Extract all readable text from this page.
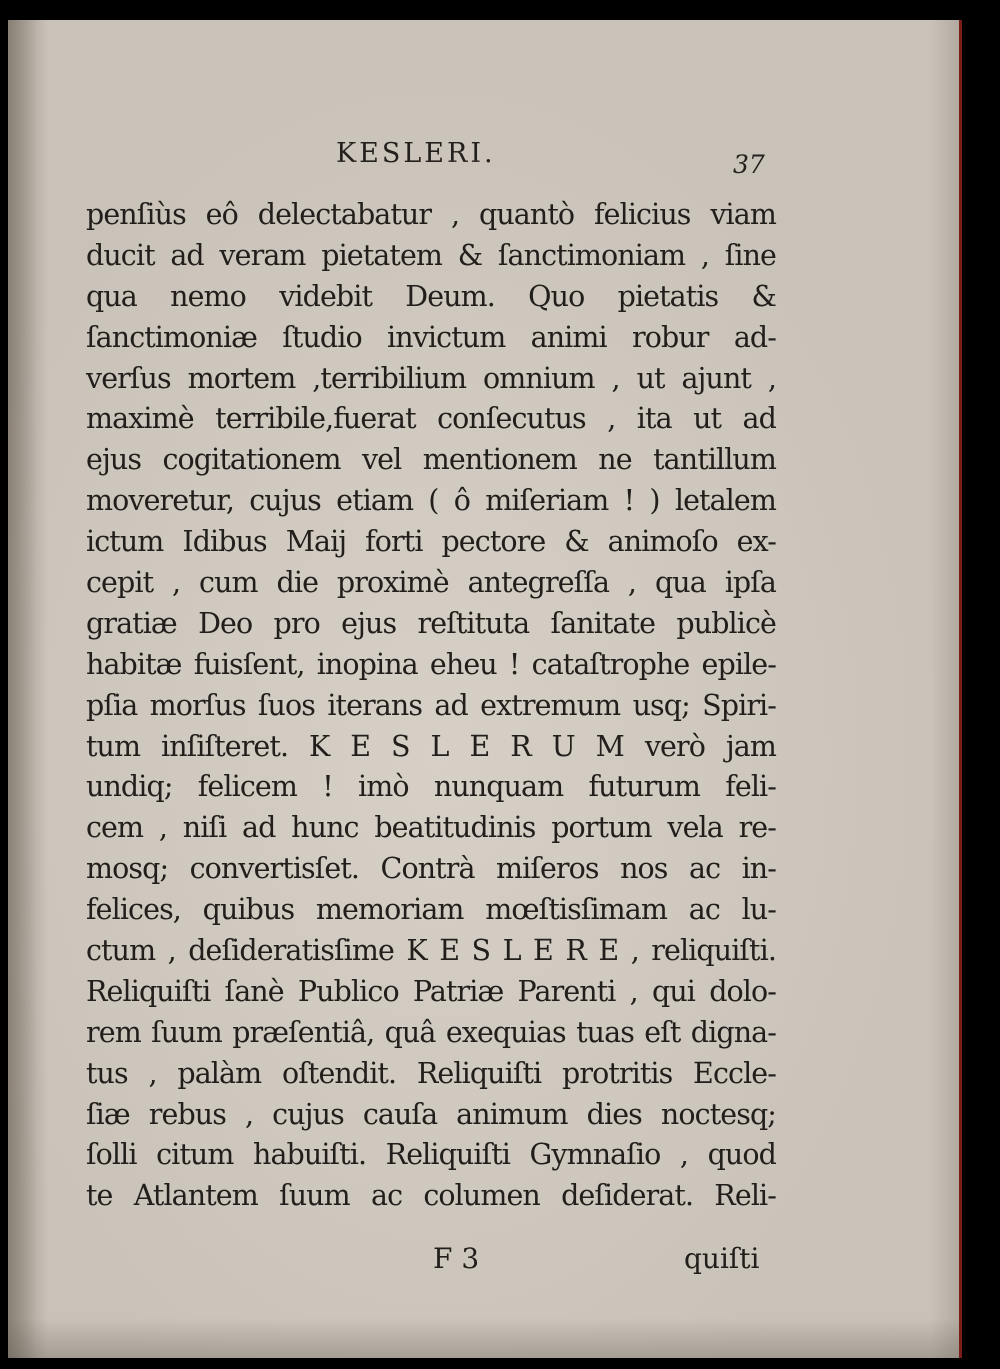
KESLERI.	37
penſiùs eô delectabatur , quantò felicius viam
ducit ad veram pietatem & ſanctimoniam , ſine
qua nemo videbit Deum. Quo pietatis &
ſanctimoniæ ſtudio invictum animi robur ad-
verſus mortem ,terribilium omnium , ut ajunt ,
maximè terribile,fuerat conſecutus , ita ut ad
ejus cogitationem vel mentionem ne tantillum
moveretur, cujus etiam ( ô miſeriam ! ) letalem
ictum Idibus Maij forti pectore & animoſo ex-
cepit , cum die proximè antegreſſa , qua ipſa
gratiæ Deo pro ejus reſtituta ſanitate publicè
habitæ fuisſent, inopina eheu ! cataſtrophe epile-
pſia morſus ſuos iterans ad extremum usq; Spiri-
tum inſiſteret. K E S L E R U M verò jam
undiq; felicem ! imò nunquam futurum feli-
cem , niſi ad hunc beatitudinis portum vela re-
mosq; convertisſet. Contrà miſeros nos ac in-
felices, quibus memoriam mœſtisſimam ac lu-
ctum , deſideratisſime K E S L E R E , reliquiſti.
Reliquiſti ſanè Publico Patriæ Parenti , qui dolo-
rem ſuum præſentiâ, quâ exequias tuas eſt digna-
tus , palàm oſtendit. Reliquiſti protritis Eccle-
ſiæ rebus , cujus cauſa animum dies noctesq;
ſolli citum habuiſti. Reliquiſti Gymnaſio , quod
te Atlantem ſuum ac columen deſiderat. Reli-
F 3	quiſti
